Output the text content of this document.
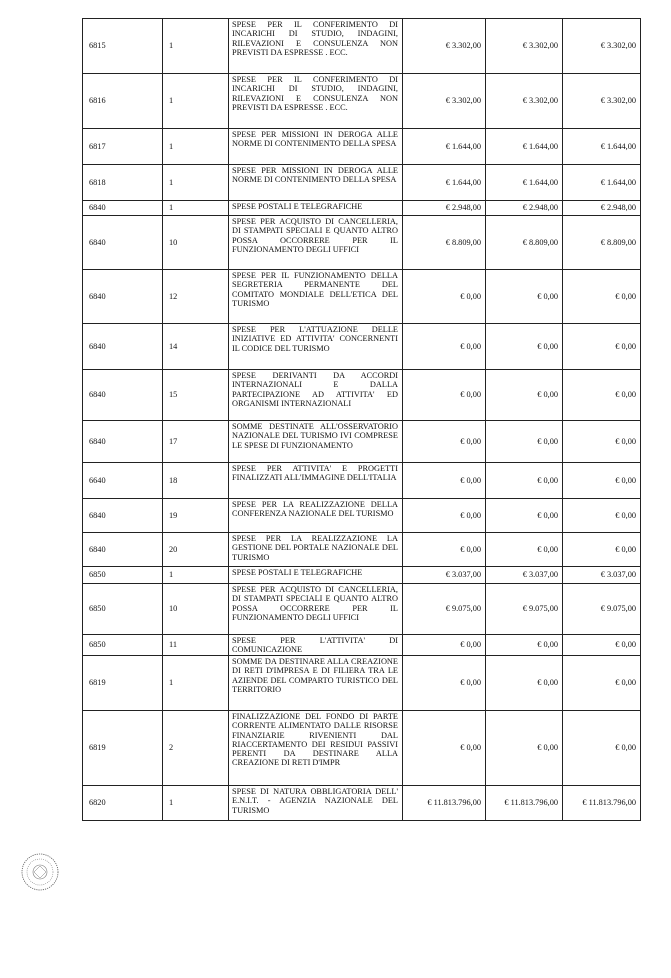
6815	1	SPESE PER IL CONFERIMENTO DI INCARICHI DI STUDIO, INDAGINI, RILEVAZIONI E CONSULENZA NON PREVISTI DA ESPRESSE . ECC.	€ 3.302,00	€ 3.302,00	€ 3.302,00
6816	1	SPESE PER IL CONFERIMENTO DI INCARICHI DI STUDIO, INDAGINI, RILEVAZIONI E CONSULENZA NON PREVISTI DA ESPRESSE . ECC.	€ 3.302,00	€ 3.302,00	€ 3.302,00
6817	1	SPESE PER MISSIONI IN DEROGA ALLE NORME DI CONTENIMENTO DELLA SPESA	€ 1.644,00	€ 1.644,00	€ 1.644,00
6818	1	SPESE PER MISSIONI IN DEROGA ALLE NORME DI CONTENIMENTO DELLA SPESA	€ 1.644,00	€ 1.644,00	€ 1.644,00
6840	1	SPESE POSTALI E TELEGRAFICHE	€ 2.948,00	€ 2.948,00	€ 2.948,00
6840	10	SPESE PER ACQUISTO DI CANCELLERIA, DI STAMPATI SPECIALI E QUANTO ALTRO POSSA OCCORRERE PER IL FUNZIONAMENTO DEGLI UFFICI	€ 8.809,00	€ 8.809,00	€ 8.809,00
6840	12	SPESE PER IL FUNZIONAMENTO DELLA SEGRETERIA PERMANENTE DEL COMITATO MONDIALE DELL'ETICA DEL TURISMO	€ 0,00	€ 0,00	€ 0,00
6840	14	SPESE PER L'ATTUAZIONE DELLE INIZIATIVE ED ATTIVITA' CONCERNENTI IL CODICE DEL TURISMO	€ 0,00	€ 0,00	€ 0,00
6840	15	SPESE DERIVANTI DA ACCORDI INTERNAZIONALI E DALLA PARTECIPAZIONE AD ATTIVITA' ED ORGANISMI INTERNAZIONALI	€ 0,00	€ 0,00	€ 0,00
6840	17	SOMME DESTINATE ALL'OSSERVATORIO NAZIONALE DEL TURISMO IVI COMPRESE LE SPESE DI FUNZIONAMENTO	€ 0,00	€ 0,00	€ 0,00
6640	18	SPESE PER ATTIVITA' E PROGETTI FINALIZZATI ALL'IMMAGINE DELL'ITALIA	€ 0,00	€ 0,00	€ 0,00
6840	19	SPESE PER LA REALIZZAZIONE DELLA CONFERENZA NAZIONALE DEL TURISMO	€ 0,00	€ 0,00	€ 0,00
6840	20	SPESE PER LA REALIZZAZIONE LA GESTIONE DEL PORTALE NAZIONALE DEL TURISMO	€ 0,00	€ 0,00	€ 0,00
6850	1	SPESE POSTALI E TELEGRAFICHE	€ 3.037,00	€ 3.037,00	€ 3.037,00
6850	10	SPESE PER ACQUISTO DI CANCELLERIA, DI STAMPATI SPECIALI E QUANTO ALTRO POSSA OCCORRERE PER IL FUNZIONAMENTO DEGLI UFFICI	€ 9.075,00	€ 9.075,00	€ 9.075,00
6850	11	SPESE PER L'ATTIVITA' DI COMUNICAZIONE	€ 0,00	€ 0,00	€ 0,00
6819	1	SOMME DA DESTINARE ALLA CREAZIONE DI RETI D'IMPRESA E DI FILIERA TRA LE AZIENDE DEL COMPARTO TURISTICO DEL TERRITORIO	€ 0,00	€ 0,00	€ 0,00
6819	2	FINALIZZAZIONE DEL FONDO DI PARTE CORRENTE ALIMENTATO DALLE RISORSE FINANZIARIE RIVENIENTI DAL RIACCERTAMENTO DEI RESIDUI PASSIVI PERENTI DA DESTINARE ALLA CREAZIONE DI RETI D'IMPR	€ 0,00	€ 0,00	€ 0,00
6820	1	SPESE DI NATURA OBBLIGATORIA DELL' E.N.I.T. - AGENZIA NAZIONALE DEL TURISMO	€ 11.813.796,00	€ 11.813.796,00	€ 11.813.796,00
